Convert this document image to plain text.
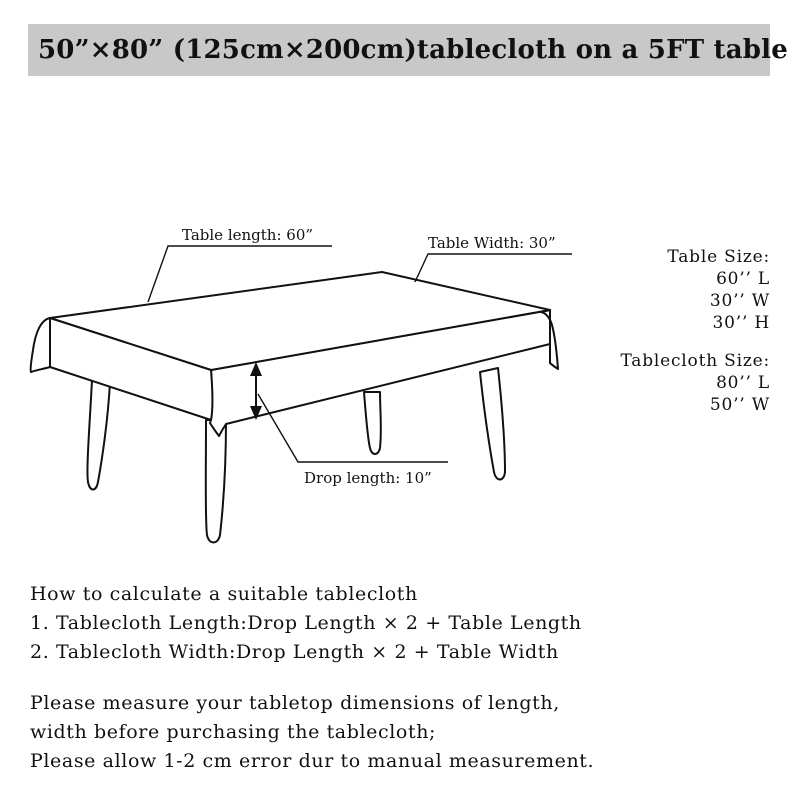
50”×80” (125cm×200cm)tablecloth on a 5FT table
Table length: 60”	Table Width: 30”
Drop length: 10”
Table Size:
60’’ L
30’’ W
30’’ H
Tablecloth Size:
80’’ L
50’’ W
How to calculate a suitable tablecloth
1. Tablecloth Length:Drop Length × 2 + Table Length
2. Tablecloth Width:Drop Length × 2 + Table Width
Please measure your tabletop dimensions of length,
width before purchasing the tablecloth;
Please allow 1-2 cm error dur to manual measurement.
